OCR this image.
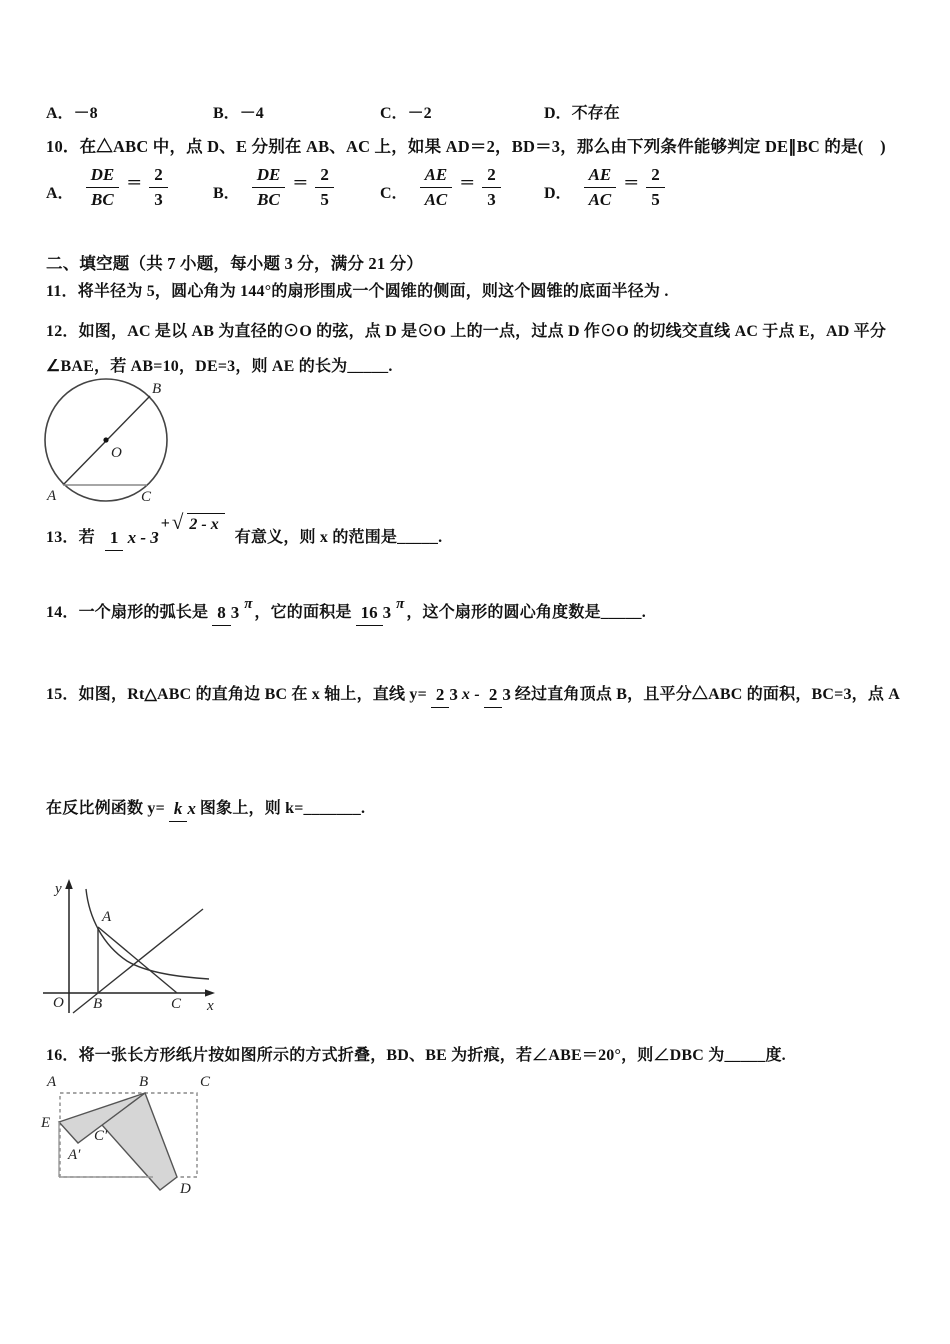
A． －8	B． －4	C． －2	D． 不存在
10．在△ABC 中，点 D、E 分别在 AB、AC 上，如果 AD＝2，BD＝3，那么由下列条件能够判定 DE∥BC 的是(　)
A． $\frac{DE}{BC} = \frac{2}{3}$	B． $\frac{DE}{BC} = \frac{2}{5}$	C． $\frac{AE}{AC} = \frac{2}{3}$	D． $\frac{AE}{AC} = \frac{2}{5}$
二、填空题（共 7 小题，每小题 3 分，满分 21 分）
11．将半径为 5，圆心角为 144°的扇形围成一个圆锥的侧面，则这个圆锥的底面半径为 .
12．如图，AC 是以 AB 为直径的⊙O 的弦，点 D 是⊙O 上的一点，过点 D 作⊙O 的切线交直线 AC 于点 E，AD 平分
∠BAE，若 AB=10，DE=3，则 AE 的长为_____.
B
O
A	C
13．若 1 x - 3
+ √ 2 - x
有意义，则 x 的范围是_____.
14．一个扇形的弧长是 8 3 π ，它的面积是 16 3 π ，这个扇形的圆心角度数是_____.
15．如图，Rt△ABC 的直角边 BC 在 x 轴上，直线 y= 2 3 x - 2 3 经过直角顶点 B，且平分△ABC 的面积，BC=3，点 A
在反比例函数 y= k x 图象上，则 k=_______.
y
O B	C x
A
16．将一张长方形纸片按如图所示的方式折叠，BD、BE 为折痕，若∠ABE＝20°，则∠DBC 为_____度.
A	B	C
E
A′
C′
D
